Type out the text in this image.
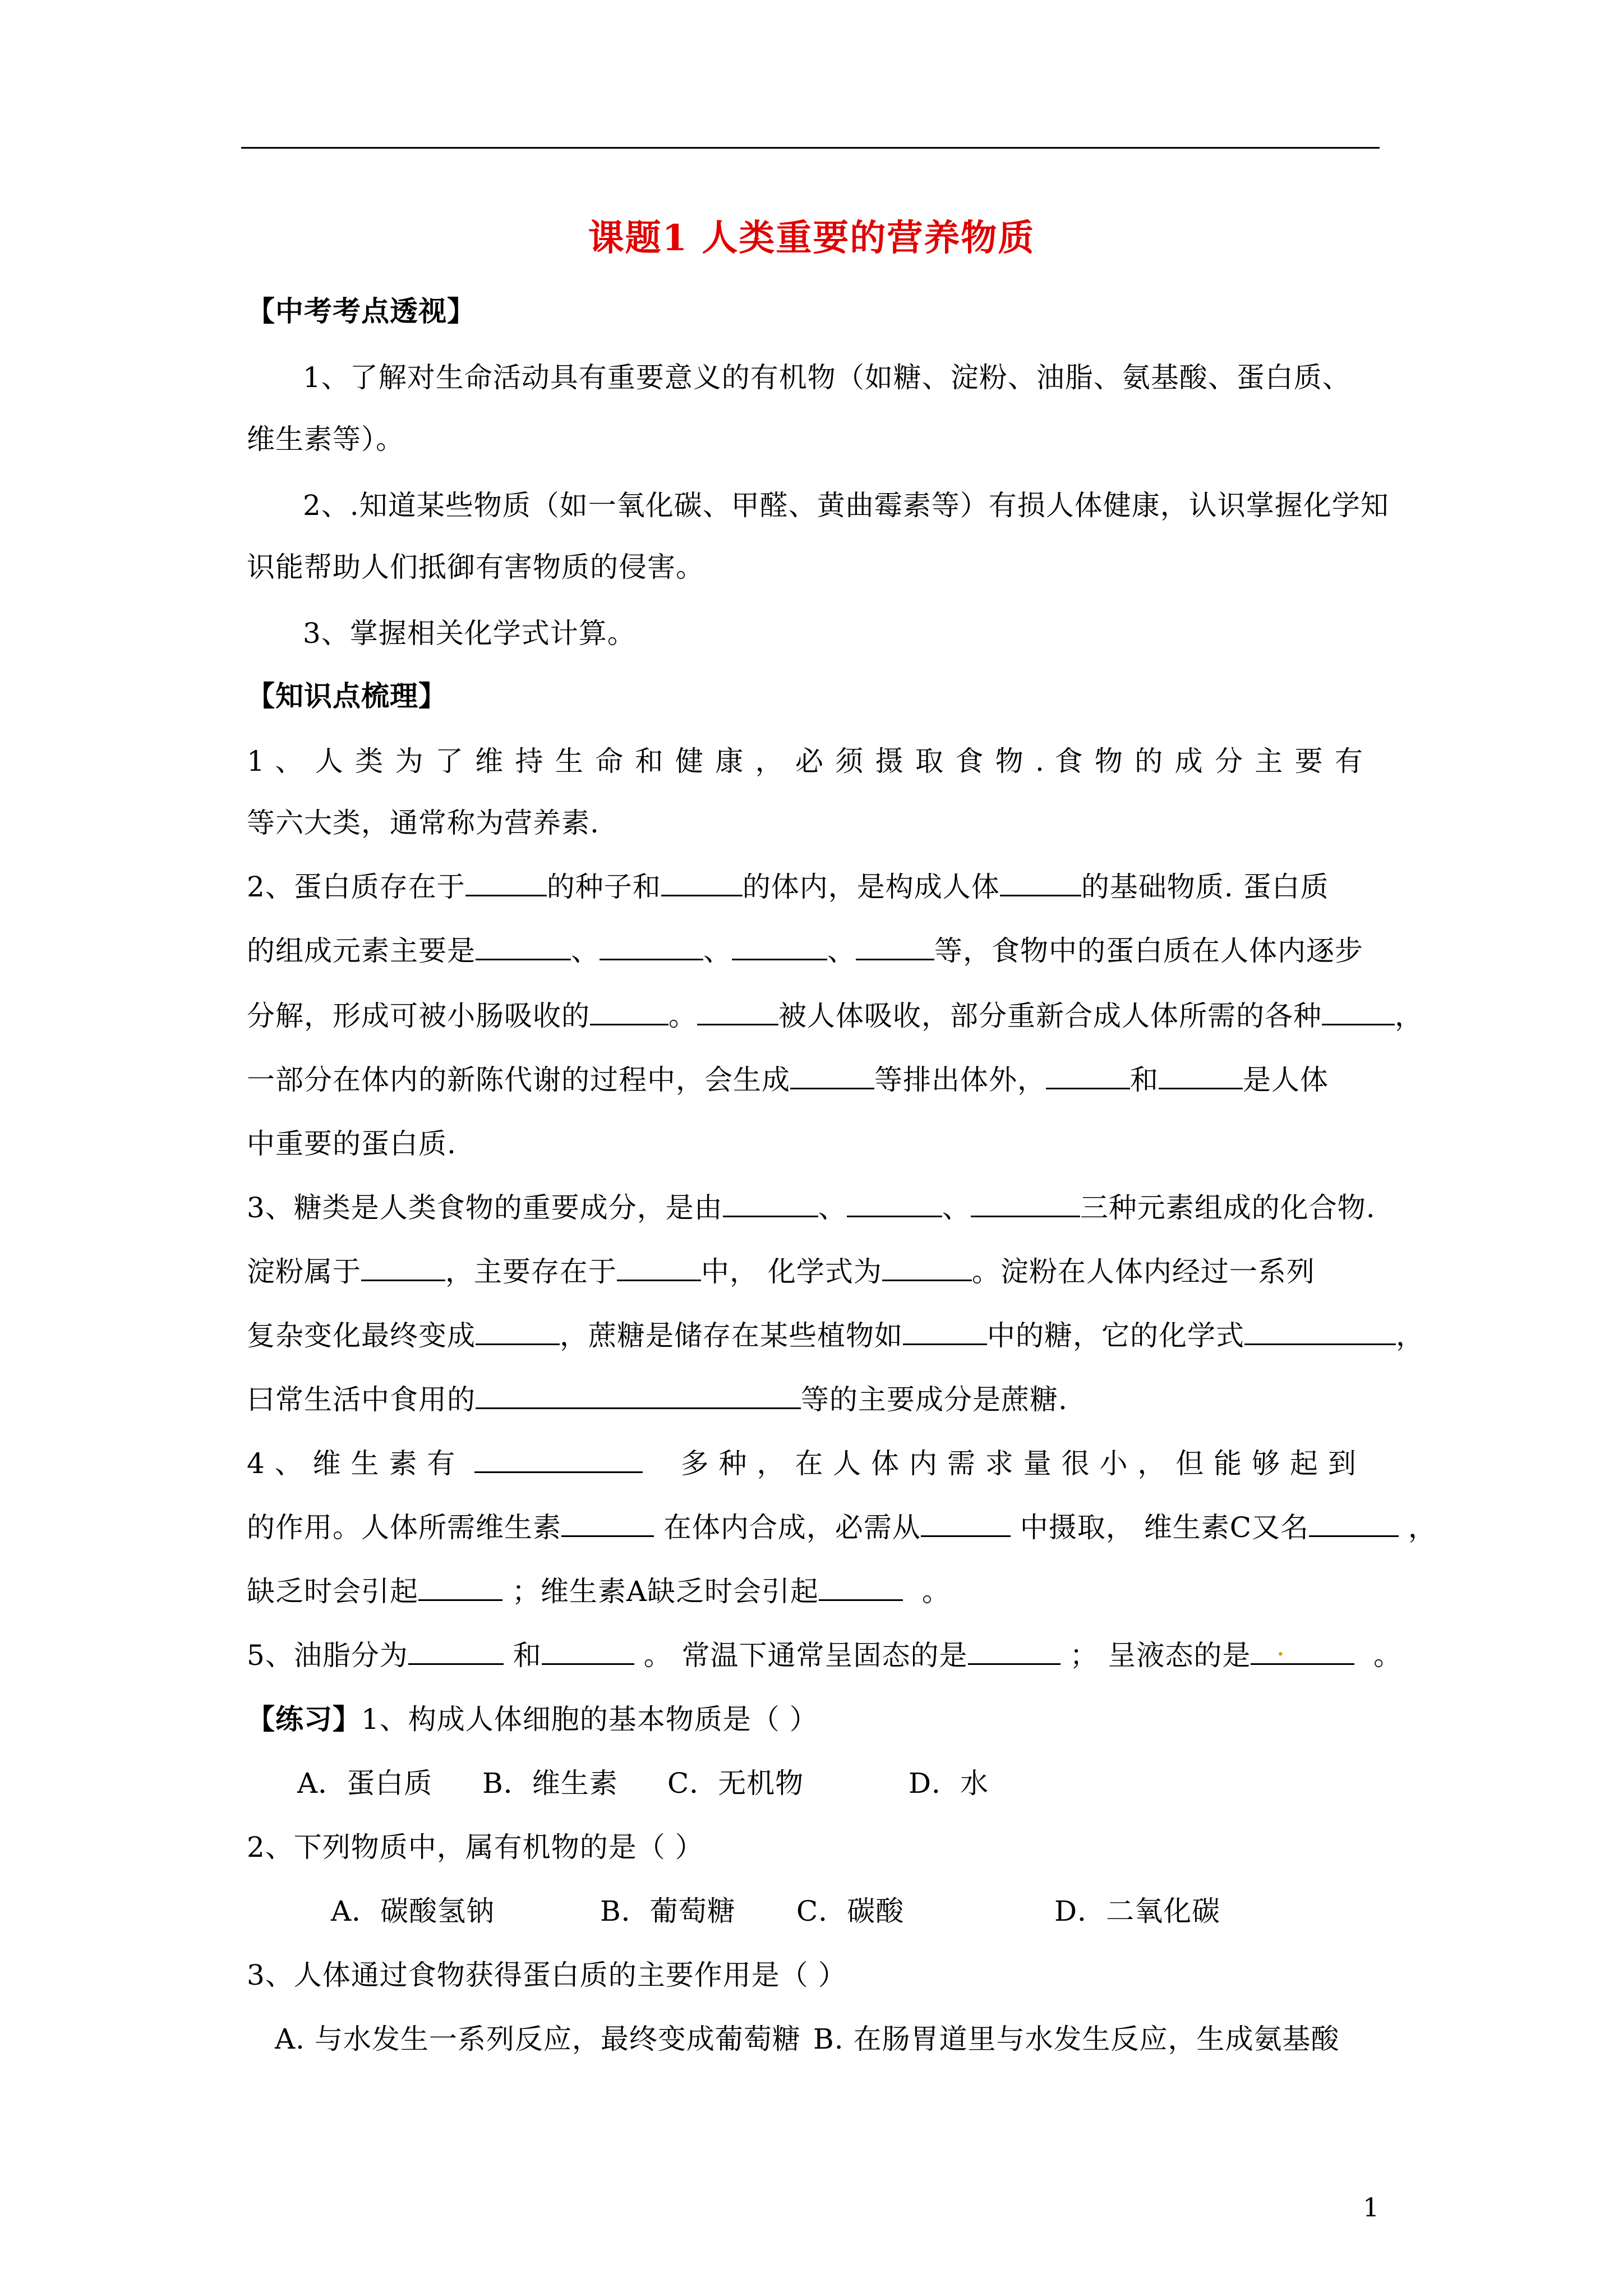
课题1 人类重要的营养物质
【中考考点透视】
1、了解对生命活动具有重要意义的有机物（如糖、淀粉、油脂、氨基酸、蛋白质、
维生素等）。
2、.知道某些物质（如一氧化碳、甲醛、黄曲霉素等）有损人体健康，认识掌握化学知
识能帮助人们抵御有害物质的侵害。
3、掌握相关化学式计算。
【知识点梳理】
1 、 人 类 为 了 维 持 生 命 和 健 康 ， 必 须 摄 取 食 物 . 食 物 的 成 分 主 要 有
等六大类，通常称为营养素.
2、蛋白质存在于	的种子和	的体内，是构成人体	的基础物质. 蛋白质
的组成元素主要是	、	、	、	等，食物中的蛋白质在人体内逐步
分解，形成可被小肠吸收的	。	被人体吸收，部分重新合成人体所需的各种	，
一部分在体内的新陈代谢的过程中，会生成	等排出体外，	和	是人体
中重要的蛋白质.
3、糖类是人类食物的重要成分，是由	、	、	三种元素组成的化合物.
淀粉属于	，主要存在于	中， 化学式为	。淀粉在人体内经过一系列
复杂变化最终变成	，蔗糖是储存在某些植物如	中的糖，它的化学式	，
曰常生活中食用的	等的主要成分是蔗糖.
4 、 维 生 素 有	多 种 ， 在 人 体 内 需 求 量 很 小 ， 但 能 够 起 到
的作用。人体所需维生素	在体内合成，必需从	中摄取， 维生素C又名	，
缺乏时会引起	；维生素A缺乏时会引起	。
5、油脂分为	和	。 常温下通常呈固态的是	； 呈液态的是 .	。
【练习】1、构成人体细胞的基本物质是（ ）
A．蛋白质 B．维生素 C．无机物	D．水
2、下列物质中，属有机物的是（ ）
A．碳酸氢钠	B．葡萄糖 C．碳酸	D．二氧化碳
3、人体通过食物获得蛋白质的主要作用是（ ）
A. 与水发生一系列反应，最终变成葡萄糖 B. 在肠胃道里与水发生反应，生成氨基酸
1
